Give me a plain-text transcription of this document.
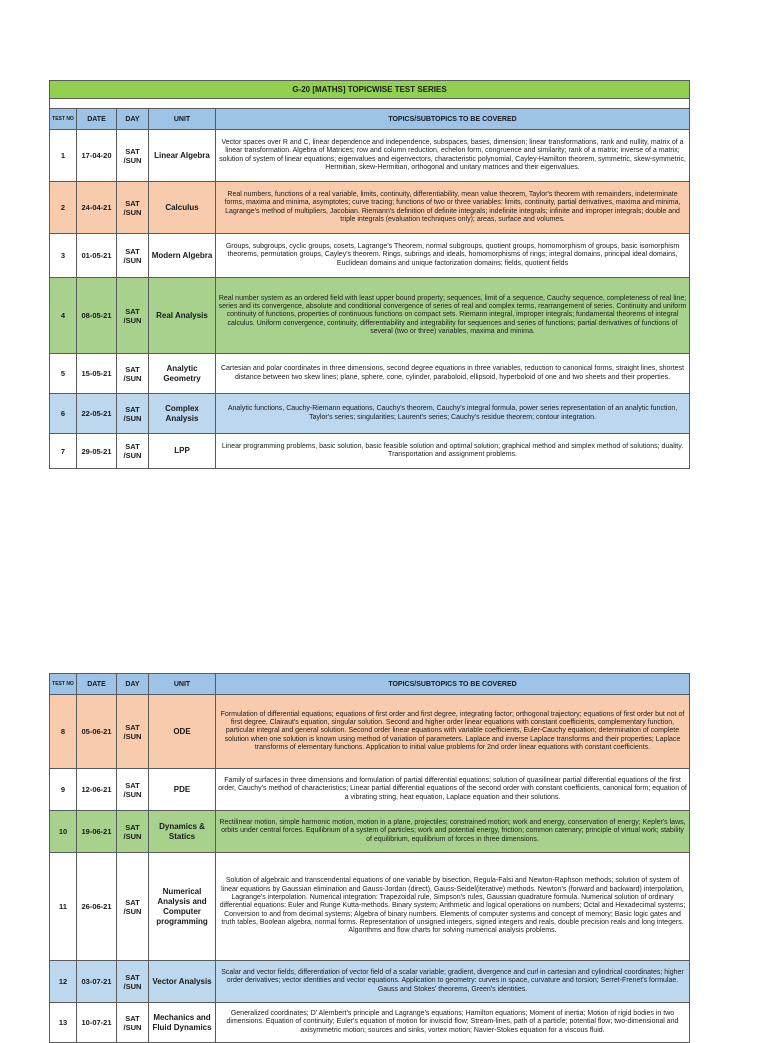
G-20 [MATHS] TOPICWISE TEST SERIES				

TEST NO	DATE	DAY	UNIT	TOPICS/SUBTOPICS TO BE COVERED
1	17-04-20	SAT /SUN	Linear Algebra	Vector spaces over R and C, linear dependence and independence, subspaces, bases, dimension; linear transformations, rank and nullity, matrix of a linear transformation. Algebra of Matrices; row and column reduction, echelon form, congruence and similarity; rank of a matrix; inverse of a matrix; solution of system of linear equations; eigenvalues and eigenvectors, characteristic polynomial, Cayley-Hamilton theorem, symmetric, skew-symmetric, Hermitian, skew-Hermitian, orthogonal and unitary matrices and their eigenvalues.
2	24-04-21	SAT /SUN	Calculus	Real numbers, functions of a real variable, limits, continuity, differentiability, mean value theorem, Taylor's theorem with remainders, indeterminate forms, maxima and minima, asymptotes; curve tracing; functions of two or three variables: limits, continuity, partial derivatives, maxima and minima, Lagrange's method of multipliers, Jacobian. Riemann's definition of definite integrals; indefinite integrals; infinite and improper integrals; double and triple integrals (evaluation techniques only); areas, surface and volumes.
3	01-05-21	SAT /SUN	Modern Algebra	Groups, subgroups, cyclic groups, cosets, Lagrange's Theorem, normal subgroups, quotient groups, homomorphism of groups, basic isomorphism theorems, permutation groups, Cayley's theorem. Rings, subrings and ideals, homomorphisms of rings; integral domains, principal ideal domains, Euclidean domains and unique factorization domains; fields, quotient fields
4	08-05-21	SAT /SUN	Real Analysis	Real number system as an ordered field with least upper bound property; sequences, limit of a sequence, Cauchy sequence, completeness of real line; series and its convergence, absolute and conditional convergence of series of real and complex terms, rearrangement of series. Continuity and uniform continuity of functions, properties of continuous functions on compact sets. Riemann integral, improper integrals; fundamental theorems of integral calculus. Uniform convergence, continuity, differentiability and integrability for sequences and series of functions; partial derivatives of functions of several (two or three) variables, maxima and minima.
5	15-05-21	SAT /SUN	Analytic Geometry	Cartesian and polar coordinates in three dimensions, second degree equations in three variables, reduction to canonical forms, straight lines, shortest distance between two skew lines; plane, sphere, cone, cylinder, paraboloid, ellipsoid, hyperboloid of one and two sheets and their properties.
6	22-05-21	SAT /SUN	Complex Analysis	Analytic functions, Cauchy-Riemann equations, Cauchy's theorem, Cauchy's integral formula, power series representation of an analytic function, Taylor's series; singularities; Laurent's series; Cauchy's residue theorem; contour integration.
7	29-05-21	SAT /SUN	LPP	Linear programming problems, basic solution, basic feasible solution and optimal solution; graphical method and simplex method of solutions; duality. Transportation and assignment problems.
TEST NO	DATE	DAY	UNIT	TOPICS/SUBTOPICS TO BE COVERED
8	05-06-21	SAT /SUN	ODE	Formulation of differential equations; equations of first order and first degree, integrating factor; orthogonal trajectory; equations of first order but not of first degree, Clairaut's equation, singular solution. Second and higher order linear equations with constant coefficients, complementary function, particular integral and general solution. Second order linear equations with variable coefficients, Euler-Cauchy equation; determination of complete solution when one solution is known using method of variation of parameters. Laplace and inverse Laplace transforms and their properties; Laplace transforms of elementary functions. Application to initial value problems for 2nd order linear equations with constant coefficients.
9	12-06-21	SAT /SUN	PDE	Family of surfaces in three dimensions and formulation of partial differential equations; solution of quasilinear partial differential equations of the first order, Cauchy's method of characteristics; Linear partial differential equations of the second order with constant coefficients, canonical form; equation of a vibrating string, heat equation, Laplace equation and their solutions.
10	19-06-21	SAT /SUN	Dynamics & Statics	Rectilinear motion, simple harmonic motion, motion in a plane, projectiles; constrained motion; work and energy, conservation of energy; Kepler's laws, orbits under central forces. Equilibrium of a system of particles; work and potential energy, friction; common catenary; principle of virtual work; stability of equilibrium, equilibrium of forces in three dimensions.
11	26-06-21	SAT /SUN	Numerical Analysis and Computer programming	Solution of algebraic and transcendental equations of one variable by bisection, Regula-Falsi and Newton-Raphson methods; solution of system of linear equations by Gaussian elimination and Gauss-Jordan (direct), Gauss-Seidel(iterative) methods. Newton's (forward and backward) interpolation, Lagrange's interpolation. Numerical integration: Trapezoidal rule, Simpson's rules, Gaussian quadrature formula. Numerical solution of ordinary differential equations: Euler and Runge Kutta-methods. Binary system; Arithmetic and logical operations on numbers; Octal and Hexadecimal systems; Conversion to and from decimal systems; Algebra of binary numbers. Elements of computer systems and concept of memory; Basic logic gates and truth tables, Boolean algebra, normal forms. Representation of unsigned integers, signed integers and reals, double precision reals and long integers. Algorithms and flow charts for solving numerical analysis problems.
12	03-07-21	SAT /SUN	Vector Analysis	Scalar and vector fields, differentiation of vector field of a scalar variable; gradient, divergence and curl in cartesian and cylindrical coordinates; higher order derivatives; vector identities and vector equations. Application to geometry: curves in space, curvature and torsion; Serret-Frenet's formulae. Gauss and Stokes' theorems, Green's identities.
13	10-07-21	SAT /SUN	Mechanics and Fluid Dynamics	Generalized coordinates; D' Alembert's principle and Lagrange's equations; Hamilton equations; Moment of inertia; Motion of rigid bodies in two dimensions. Equation of continuity; Euler's equation of motion for inviscid flow; Stream-lines, path of a particle; potential flow; two-dimensional and axisymmetric motion; sources and sinks, vortex motion; Navier-Stokes equation for a viscous fluid.
